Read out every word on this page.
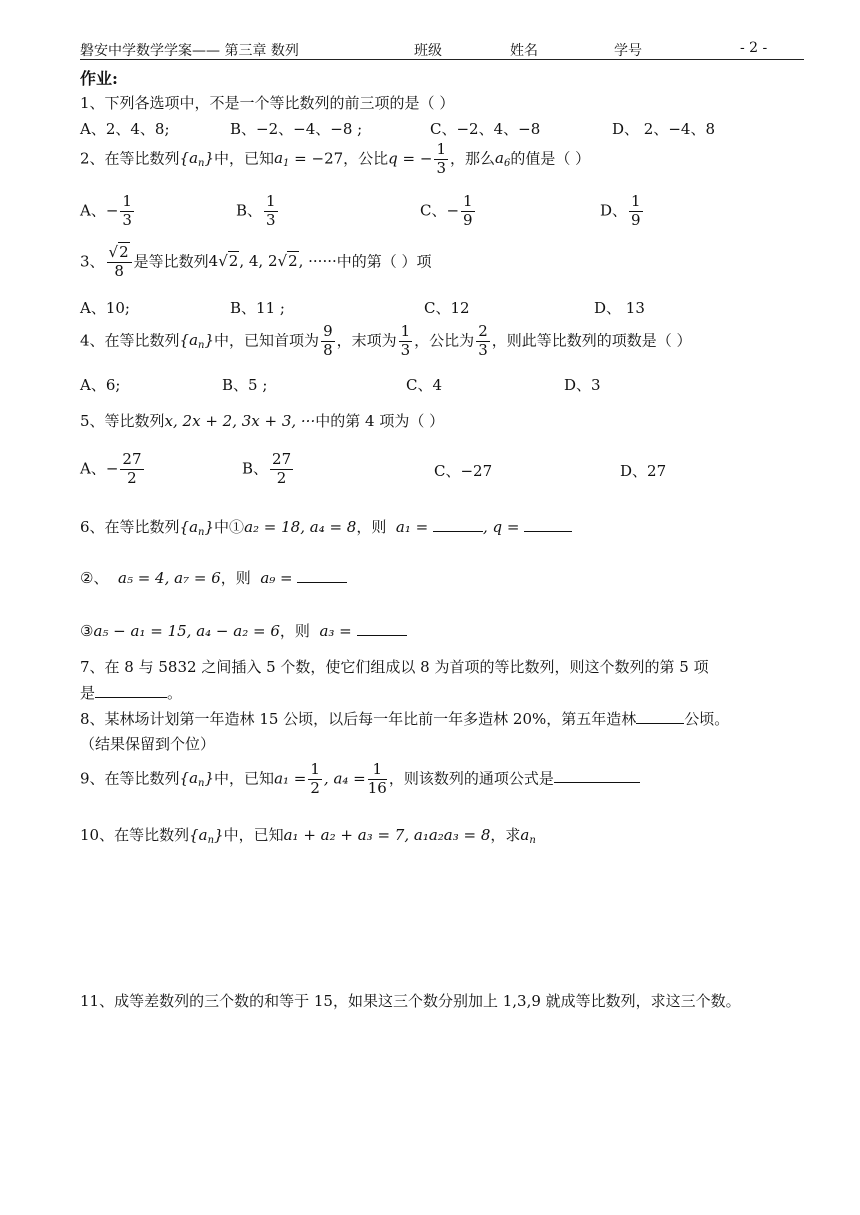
磐安中学数学学案—— 第三章 数列	班级	姓名	学号	- 2 -
作业:
1、下列各选项中，不是一个等比数列的前三项的是（ ）
A、2、4、8;	B、−2、−4、−8 ;	C、−2、4、−8	D、 2、−4、8
2、在等比数列$\{a_n\}$中，已知$a_1 = -27$，公比q = − $\frac{1}{3}$ ，那么$a_6$的值是（ ）
A、− $\frac{1}{3}$	B、 $\frac{1}{3}$	C、− $\frac{1}{9}$	D、 $\frac{1}{9}$
3、 $\frac{√2}{8}$ 是等比数列4√2, 4, 2√2, ······中的第（ ）项
A、10;	B、11 ;	C、12	D、 13
4、在等比数列$\{a_n\}$中，已知首项为 $\frac{9}{8}$ ，末项为 $\frac{1}{3}$ ，公比为 $\frac{2}{3}$ ，则此等比数列的项数是（ ）
A、6;	B、5 ;	C、4	D、3
5、等比数列x, 2x + 2, 3x + 3, ···中的第 4 项为（ ）
A、− $\frac{27}{2}$	B、 $\frac{27}{2}$	C、−27	D、27
6、在等比数列$\{a_n\}$中①a₂ = 18, a₄ = 8，则 a₁ =	, q =
②、 a₅ = 4, a₇ = 6，则 a₉ =
③a₅ − a₁ = 15, a₄ − a₂ = 6，则 a₃ =
7、在 8 与 5832 之间插入 5 个数，使它们组成以 8 为首项的等比数列，则这个数列的第 5 项
是	。
8、某林场计划第一年造林 15 公顷，以后每一年比前一年多造林 20%，第五年造林	公顷。
（结果保留到个位）
9、在等比数列$\{a_n\}$中，已知$a_1 = \frac{1}{2}$ , $a_4 = \frac{1}{16}$ ，则该数列的通项公式是
10、在等比数列$\{a_n\}$中，已知a₁ + a₂ + a₃ = 7, a₁a₂a₃ = 8，求$a_n$
11、成等差数列的三个数的和等于 15，如果这三个数分别加上 1,3,9 就成等比数列，求这三个数。
